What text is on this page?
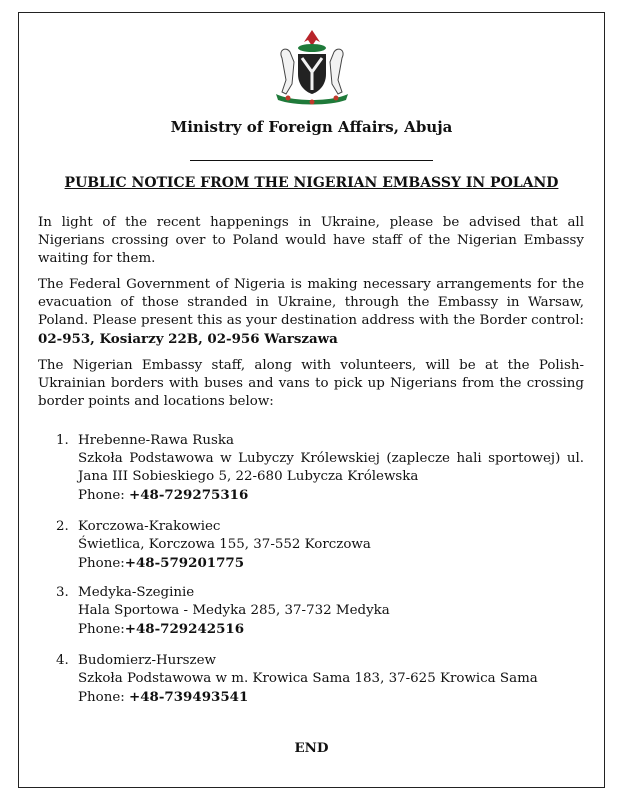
Ministry of Foreign Affairs, Abuja
PUBLIC NOTICE FROM THE NIGERIAN EMBASSY IN POLAND
In light of the recent happenings in Ukraine, please be advised that all Nigerians crossing over to Poland would have staff of the Nigerian Embassy waiting for them.
The Federal Government of Nigeria is making necessary arrangements for the evacuation of those stranded in Ukraine, through the Embassy in Warsaw, Poland. Please present this as your destination address with the Border control: 02-953, Kosiarzy 22B, 02-956 Warszawa
The Nigerian Embassy staff, along with volunteers, will be at the Polish-Ukrainian borders with buses and vans to pick up Nigerians from the crossing border points and locations below:
1. Hrebenne-Rawa Ruska
Szkoła Podstawowa w Lubyczy Królewskiej (zaplecze hali sportowej) ul. Jana III Sobieskiego 5, 22-680 Lubycza Królewska
Phone: +48-729275316
2. Korczowa-Krakowiec
Świetlica, Korczowa 155, 37-552 Korczowa
Phone:+48-579201775
3. Medyka-Szeginie
Hala Sportowa - Medyka 285, 37-732 Medyka
Phone:+48-729242516
4. Budomierz-Hurszew
Szkoła Podstawowa w m. Krowica Sama 183, 37-625 Krowica Sama
Phone: +48-739493541
END
